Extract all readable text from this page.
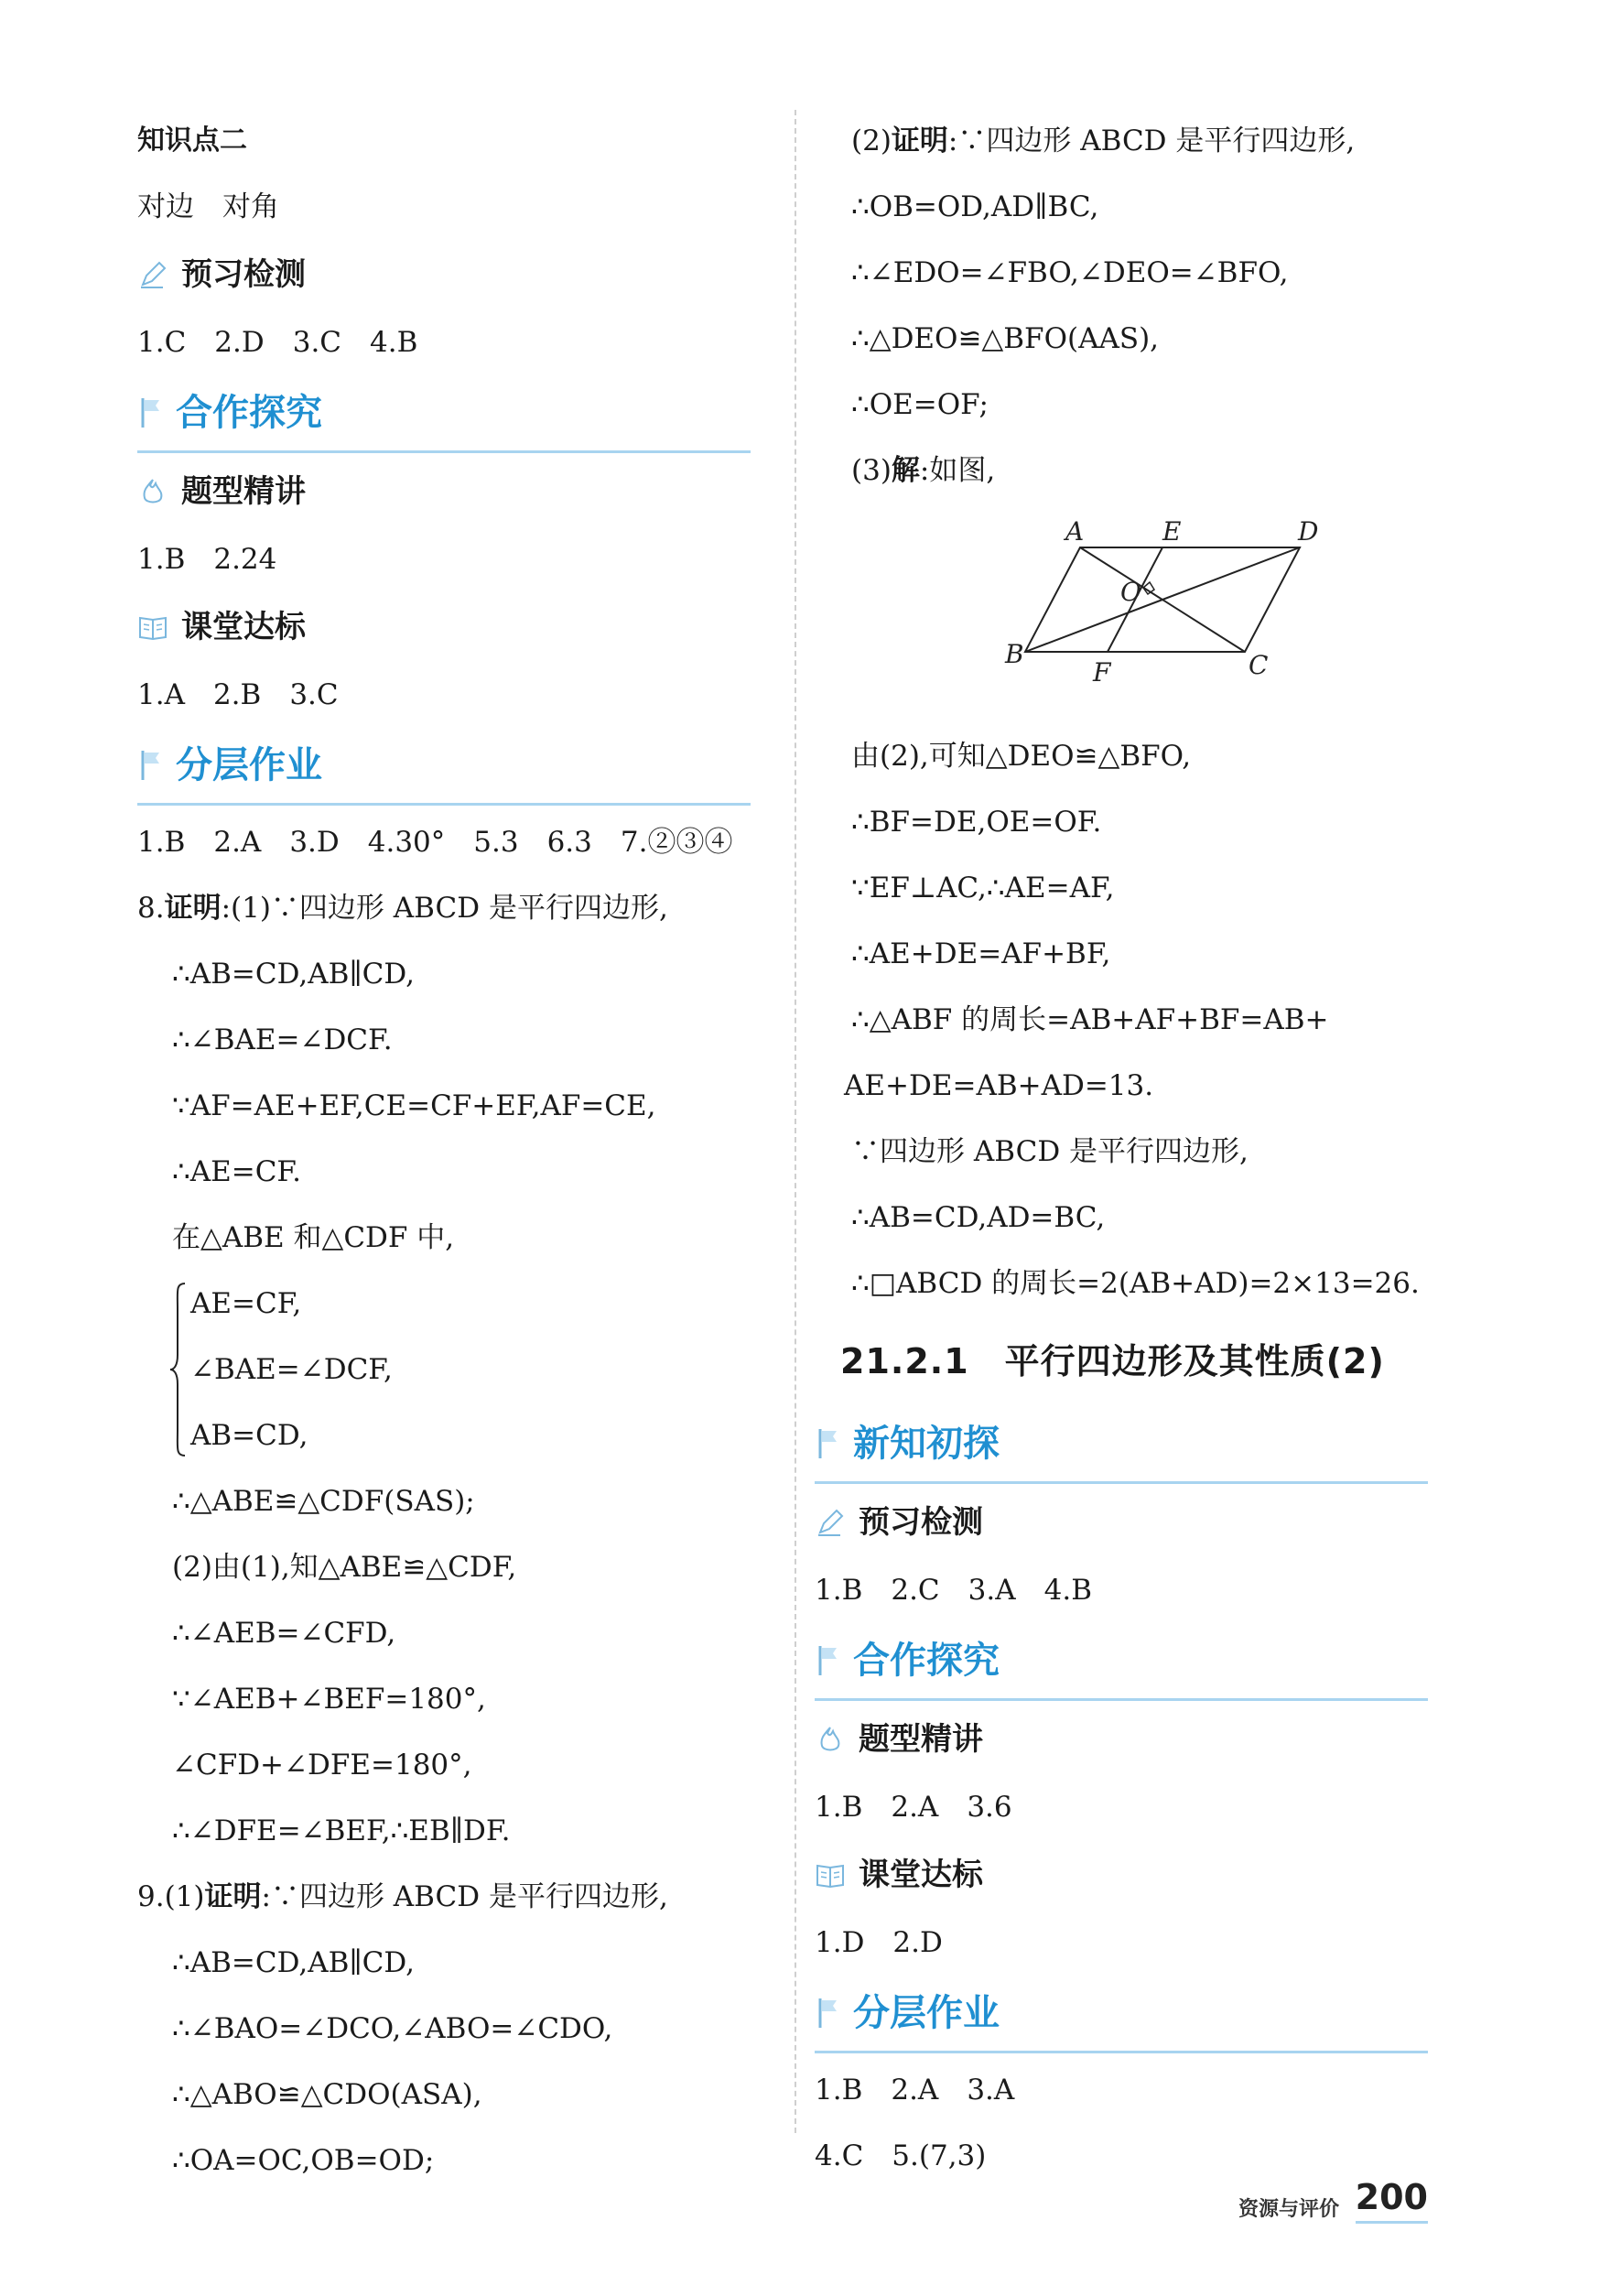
知识点二
对边　对角
预习检测
1.C　2.D　3.C　4.B
合作探究
题型精讲
1.B　2.24
课堂达标
1.A　2.B　3.C
分层作业
1.B　2.A　3.D　4.30°　5.3　6.3　7.②③④
8.证明:(1)∵四边形 ABCD 是平行四边形,
∴AB=CD,AB∥CD,
∴∠BAE=∠DCF.
∵AF=AE+EF,CE=CF+EF,AF=CE,
∴AE=CF.
在△ABE 和△CDF 中,
AE=CF,
∠BAE=∠DCF,
AB=CD,
∴△ABE≌△CDF(SAS);
(2)由(1),知△ABE≌△CDF,
∴∠AEB=∠CFD,
∵∠AEB+∠BEF=180°,
∠CFD+∠DFE=180°,
∴∠DFE=∠BEF,∴EB∥DF.
9.(1)证明:∵四边形 ABCD 是平行四边形,
∴AB=CD,AB∥CD,
∴∠BAO=∠DCO,∠ABO=∠CDO,
∴△ABO≌△CDO(ASA),
∴OA=OC,OB=OD;
(2)证明:∵四边形 ABCD 是平行四边形,
∴OB=OD,AD∥BC,
∴∠EDO=∠FBO,∠DEO=∠BFO,
∴△DEO≌△BFO(AAS),
∴OE=OF;
(3)解:如图,
A	E	D
O
B
F	C
由(2),可知△DEO≌△BFO,
∴BF=DE,OE=OF.
∵EF⊥AC,∴AE=AF,
∴AE+DE=AF+BF,
∴△ABF 的周长=AB+AF+BF=AB+
AE+DE=AB+AD=13.
∵四边形 ABCD 是平行四边形,
∴AB=CD,AD=BC,
∴□ABCD 的周长=2(AB+AD)=2×13=26.
21.2.1　平行四边形及其性质(2)
新知初探
预习检测
1.B　2.C　3.A　4.B
合作探究
题型精讲
1.B　2.A　3.6
课堂达标
1.D　2.D
分层作业
1.B　2.A　3.A
4.C　5.(7,3)
资源与评价 200
